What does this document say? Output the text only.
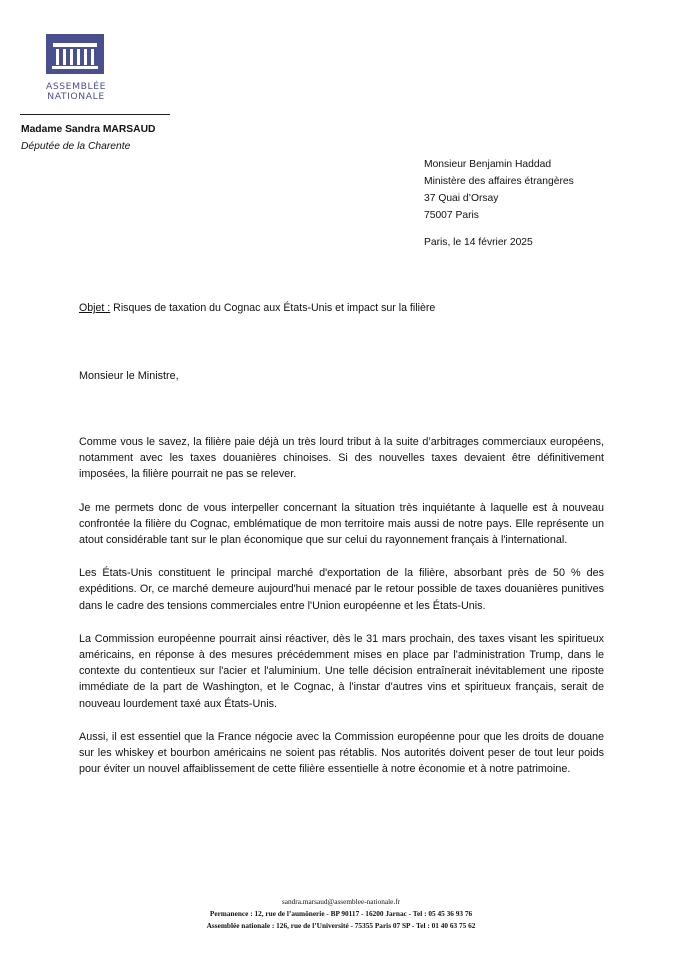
ASSEMBLÉE
NATIONALE
Madame Sandra MARSAUD
Députée de la Charente
Monsieur Benjamin Haddad
Ministère des affaires étrangères
37 Quai d’Orsay
75007 Paris
Paris, le 14 février 2025
Objet : Risques de taxation du Cognac aux États-Unis et impact sur la filière
Monsieur le Ministre,

Comme vous le savez, la filière paie déjà un très lourd tribut à la suite d’arbitrages commerciaux européens, notamment avec les taxes douanières chinoises. Si des nouvelles taxes devaient être définitivement imposées, la filière pourrait ne pas se relever.

Je me permets donc de vous interpeller concernant la situation très inquiétante à laquelle est à nouveau confrontée la filière du Cognac, emblématique de mon territoire mais aussi de notre pays. Elle représente un atout considérable tant sur le plan économique que sur celui du rayonnement français à l'international.

Les États-Unis constituent le principal marché d'exportation de la filière, absorbant près de 50 % des expéditions. Or, ce marché demeure aujourd'hui menacé par le retour possible de taxes douanières punitives dans le cadre des tensions commerciales entre l'Union européenne et les États-Unis.

La Commission européenne pourrait ainsi réactiver, dès le 31 mars prochain, des taxes visant les spiritueux américains, en réponse à des mesures précédemment mises en place par l'administration Trump, dans le contexte du contentieux sur l'acier et l'aluminium. Une telle décision entraînerait inévitablement une riposte immédiate de la part de Washington, et le Cognac, à l'instar d'autres vins et spiritueux français, serait de nouveau lourdement taxé aux États-Unis.

Aussi, il est essentiel que la France négocie avec la Commission européenne pour que les droits de douane sur les whiskey et bourbon américains ne soient pas rétablis. Nos autorités doivent peser de tout leur poids pour éviter un nouvel affaiblissement de cette filière essentielle à notre économie et à notre patrimoine.

sandra.marsaud@assemblee-nationale.fr
Permanence : 12, rue de l’aumônerie - BP 90117 - 16200 Jarnac - Tel : 05 45 36 93 76
Assemblée nationale : 126, rue de l’Université - 75355 Paris 07 SP - Tel : 01 40 63 75 62
